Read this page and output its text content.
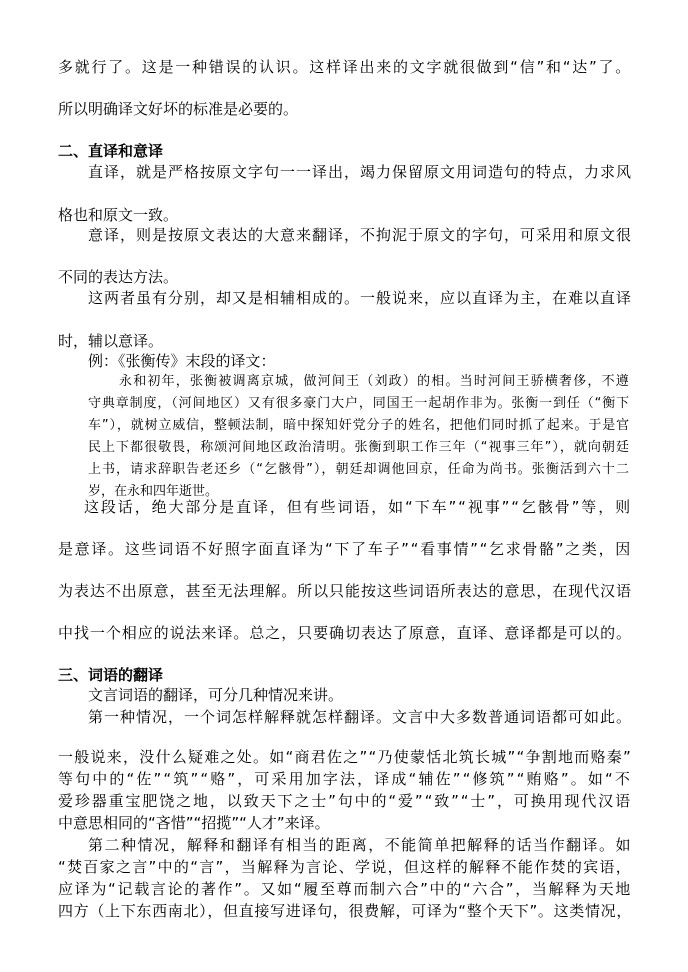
多就行了。这是一种错误的认识。这样译出来的文字就很做到“信”和“达”了。
所以明确译文好坏的标准是必要的。
二、直译和意译
直译，就是严格按原文字句一一译出，竭力保留原文用词造句的特点，力求风
格也和原文一致。
意译，则是按原文表达的大意来翻译，不拘泥于原文的字句，可采用和原文很
不同的表达方法。
这两者虽有分别，却又是相辅相成的。一般说来，应以直译为主，在难以直译
时，辅以意译。
例：《张衡传》末段的译文：
永和初年，张衡被调离京城，做河间王（刘政）的相。当时河间王骄横奢侈，不遵
守典章制度，（河间地区）又有很多豪门大户，同国王一起胡作非为。张衡一到任（“衡下
车”），就树立威信，整顿法制，暗中探知奸党分子的姓名，把他们同时抓了起来。于是官
民上下都很敬畏，称颂河间地区政治清明。张衡到职工作三年（“视事三年”），就向朝廷
上书，请求辞职告老还乡（“乞骸骨”），朝廷却调他回京，任命为尚书。张衡活到六十二
岁，在永和四年逝世。
这段话，绝大部分是直译，但有些词语，如“下车”“视事”“乞骸骨”等，则
是意译。这些词语不好照字面直译为“下了车子”“看事情”“乞求骨骼”之类，因
为表达不出原意，甚至无法理解。所以只能按这些词语所表达的意思，在现代汉语
中找一个相应的说法来译。总之，只要确切表达了原意，直译、意译都是可以的。
三、词语的翻译
文言词语的翻译，可分几种情况来讲。
第一种情况，一个词怎样解释就怎样翻译。文言中大多数普通词语都可如此。
一般说来，没什么疑难之处。如“商君佐之”“乃使蒙恬北筑长城”“争割地而赂秦”
等句中的“佐”“筑”“赂”，可采用加字法，译成“辅佐”“修筑”“贿赂”。如“不
爱珍器重宝肥饶之地，以致天下之士”句中的“爱”“致”“士”，可换用现代汉语
中意思相同的“吝惜”“招揽”“人才”来译。
第二种情况，解释和翻译有相当的距离，不能简单把解释的话当作翻译。如
“焚百家之言”中的“言”，当解释为言论、学说，但这样的解释不能作焚的宾语，
应译为“记载言论的著作”。又如“履至尊而制六合”中的“六合”，当解释为天地
四方（上下东西南北），但直接写进译句，很费解，可译为“整个天下”。这类情况，
